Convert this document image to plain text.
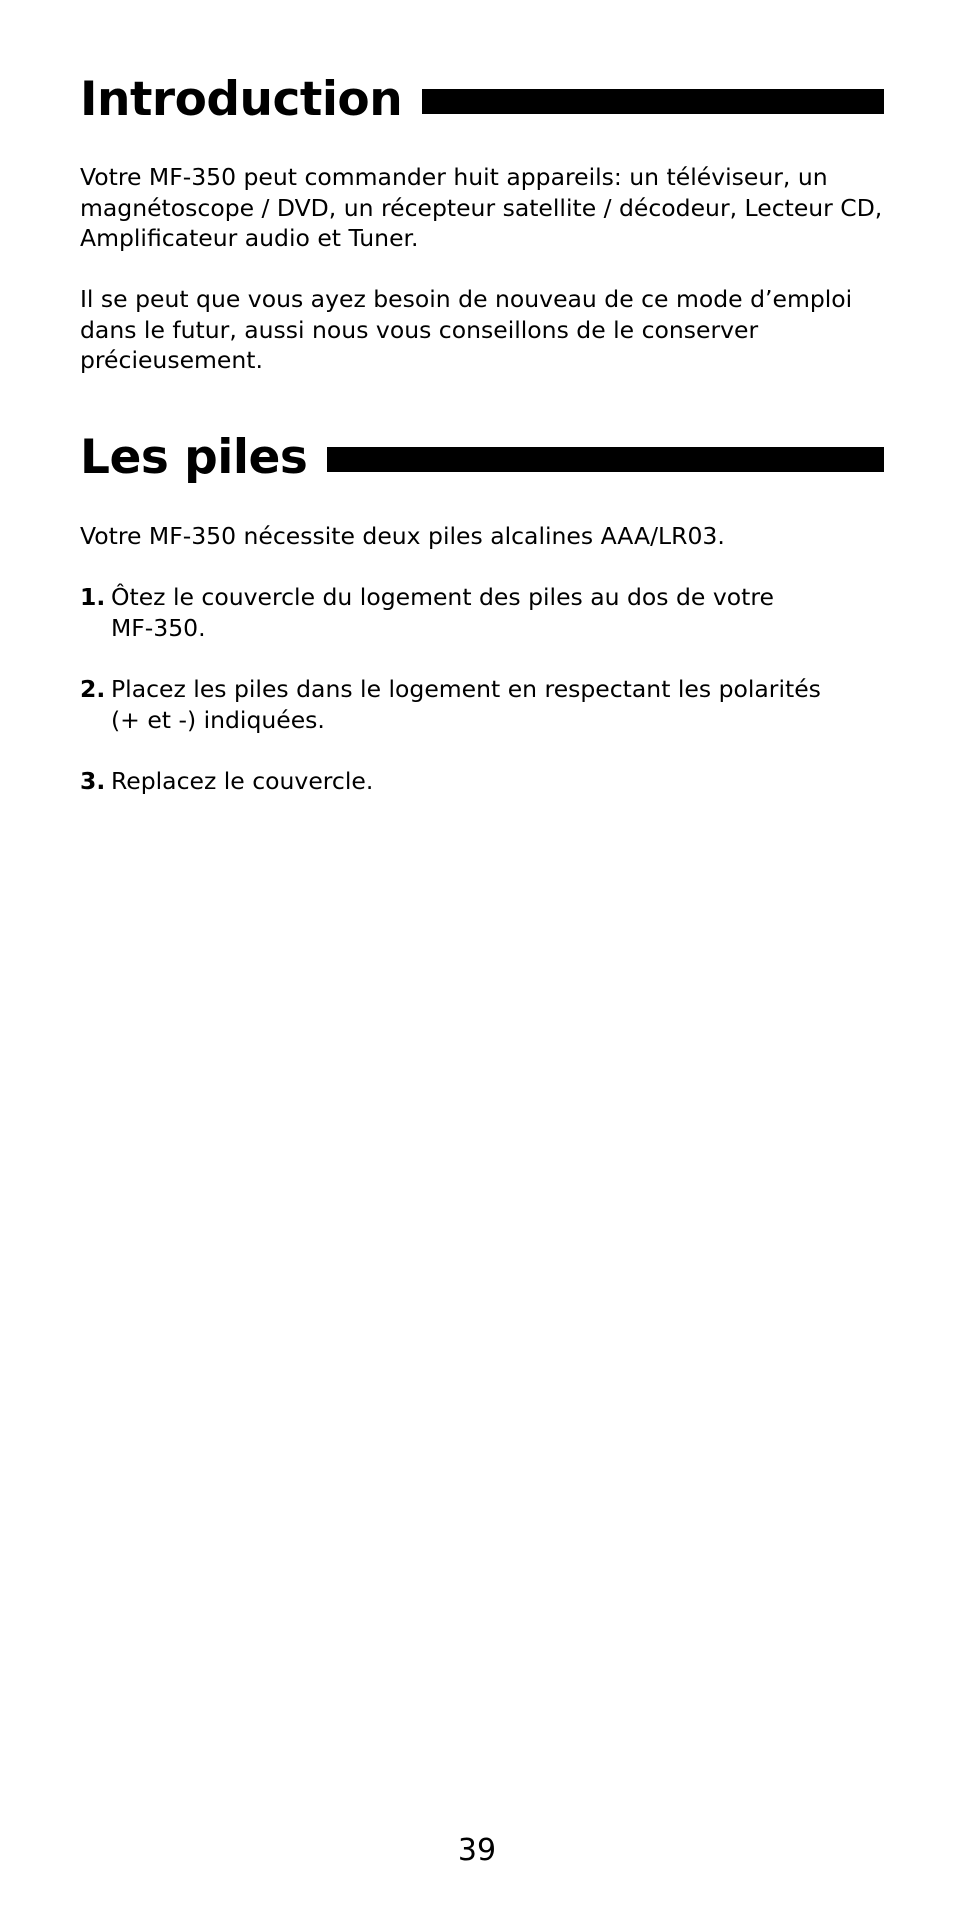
Introduction

Votre MF-350 peut commander huit appareils: un téléviseur, un
magnétoscope / DVD, un récepteur satellite / décodeur, Lecteur CD,
Amplificateur audio et Tuner.

Il se peut que vous ayez besoin de nouveau de ce mode d’emploi
dans le futur, aussi nous vous conseillons de le conserver
précieusement.

Les piles

Votre MF-350 nécessite deux piles alcalines AAA/LR03.

1. Ôtez le couvercle du logement des piles au dos de votre
MF-350.
2. Placez les piles dans le logement en respectant les polarités
(+ et -) indiquées.
3. Replacez le couvercle.
39
